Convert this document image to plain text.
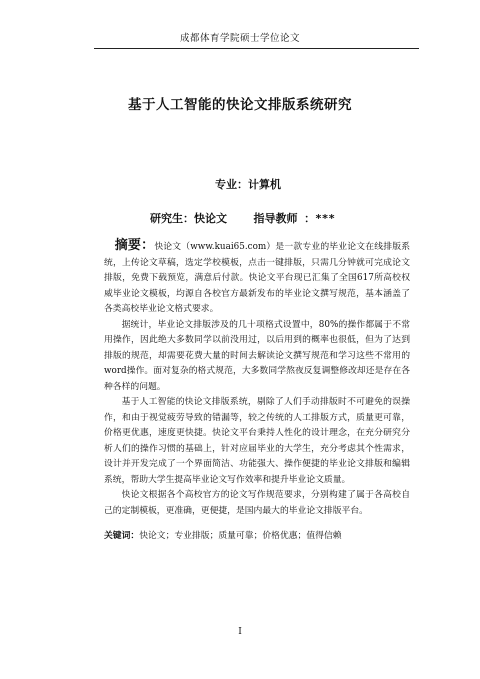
成都体育学院硕士学位论文
基于人工智能的快论文排版系统研究
专业：计算机
研究生：快论文    指导教师 ：***

摘要：快论文（www.kuai65.com）是一款专业的毕业论文在线排版系统，上传论文草稿，选定学校模板，点击一键排版，只需几分钟就可完成论文排版，免费下载预览，满意后付款。快论文平台现已汇集了全国617所高校权威毕业论文模板，均源自各校官方最新发布的毕业论文撰写规范，基本涵盖了各类高校毕业论文格式要求。

据统计，毕业论文排版涉及的几十项格式设置中，80%的操作都属于不常用操作，因此绝大多数同学以前没用过，以后用到的概率也很低，但为了达到排版的规范，却需要花费大量的时间去解读论文撰写规范和学习这些不常用的word操作。面对复杂的格式规范，大多数同学熬夜反复调整修改却还是存在各种各样的问题。

基于人工智能的快论文排版系统，剔除了人们手动排版时不可避免的误操作，和由于视觉疲劳导致的错漏等，较之传统的人工排版方式，质量更可靠，价格更优惠，速度更快捷。快论文平台秉持人性化的设计理念，在充分研究分析人们的操作习惯的基础上，针对应届毕业的大学生，充分考虑其个性需求，设计并开发完成了一个界面简洁、功能强大、操作便捷的毕业论文排版和编辑系统，帮助大学生提高毕业论文写作效率和提升毕业论文质量。

快论文根据各个高校官方的论文写作规范要求，分别构建了属于各高校自己的定制模板，更准确，更便捷，是国内最大的毕业论文排版平台。

关键词：快论文；专业排版；质量可靠；价格优惠；值得信赖
I
